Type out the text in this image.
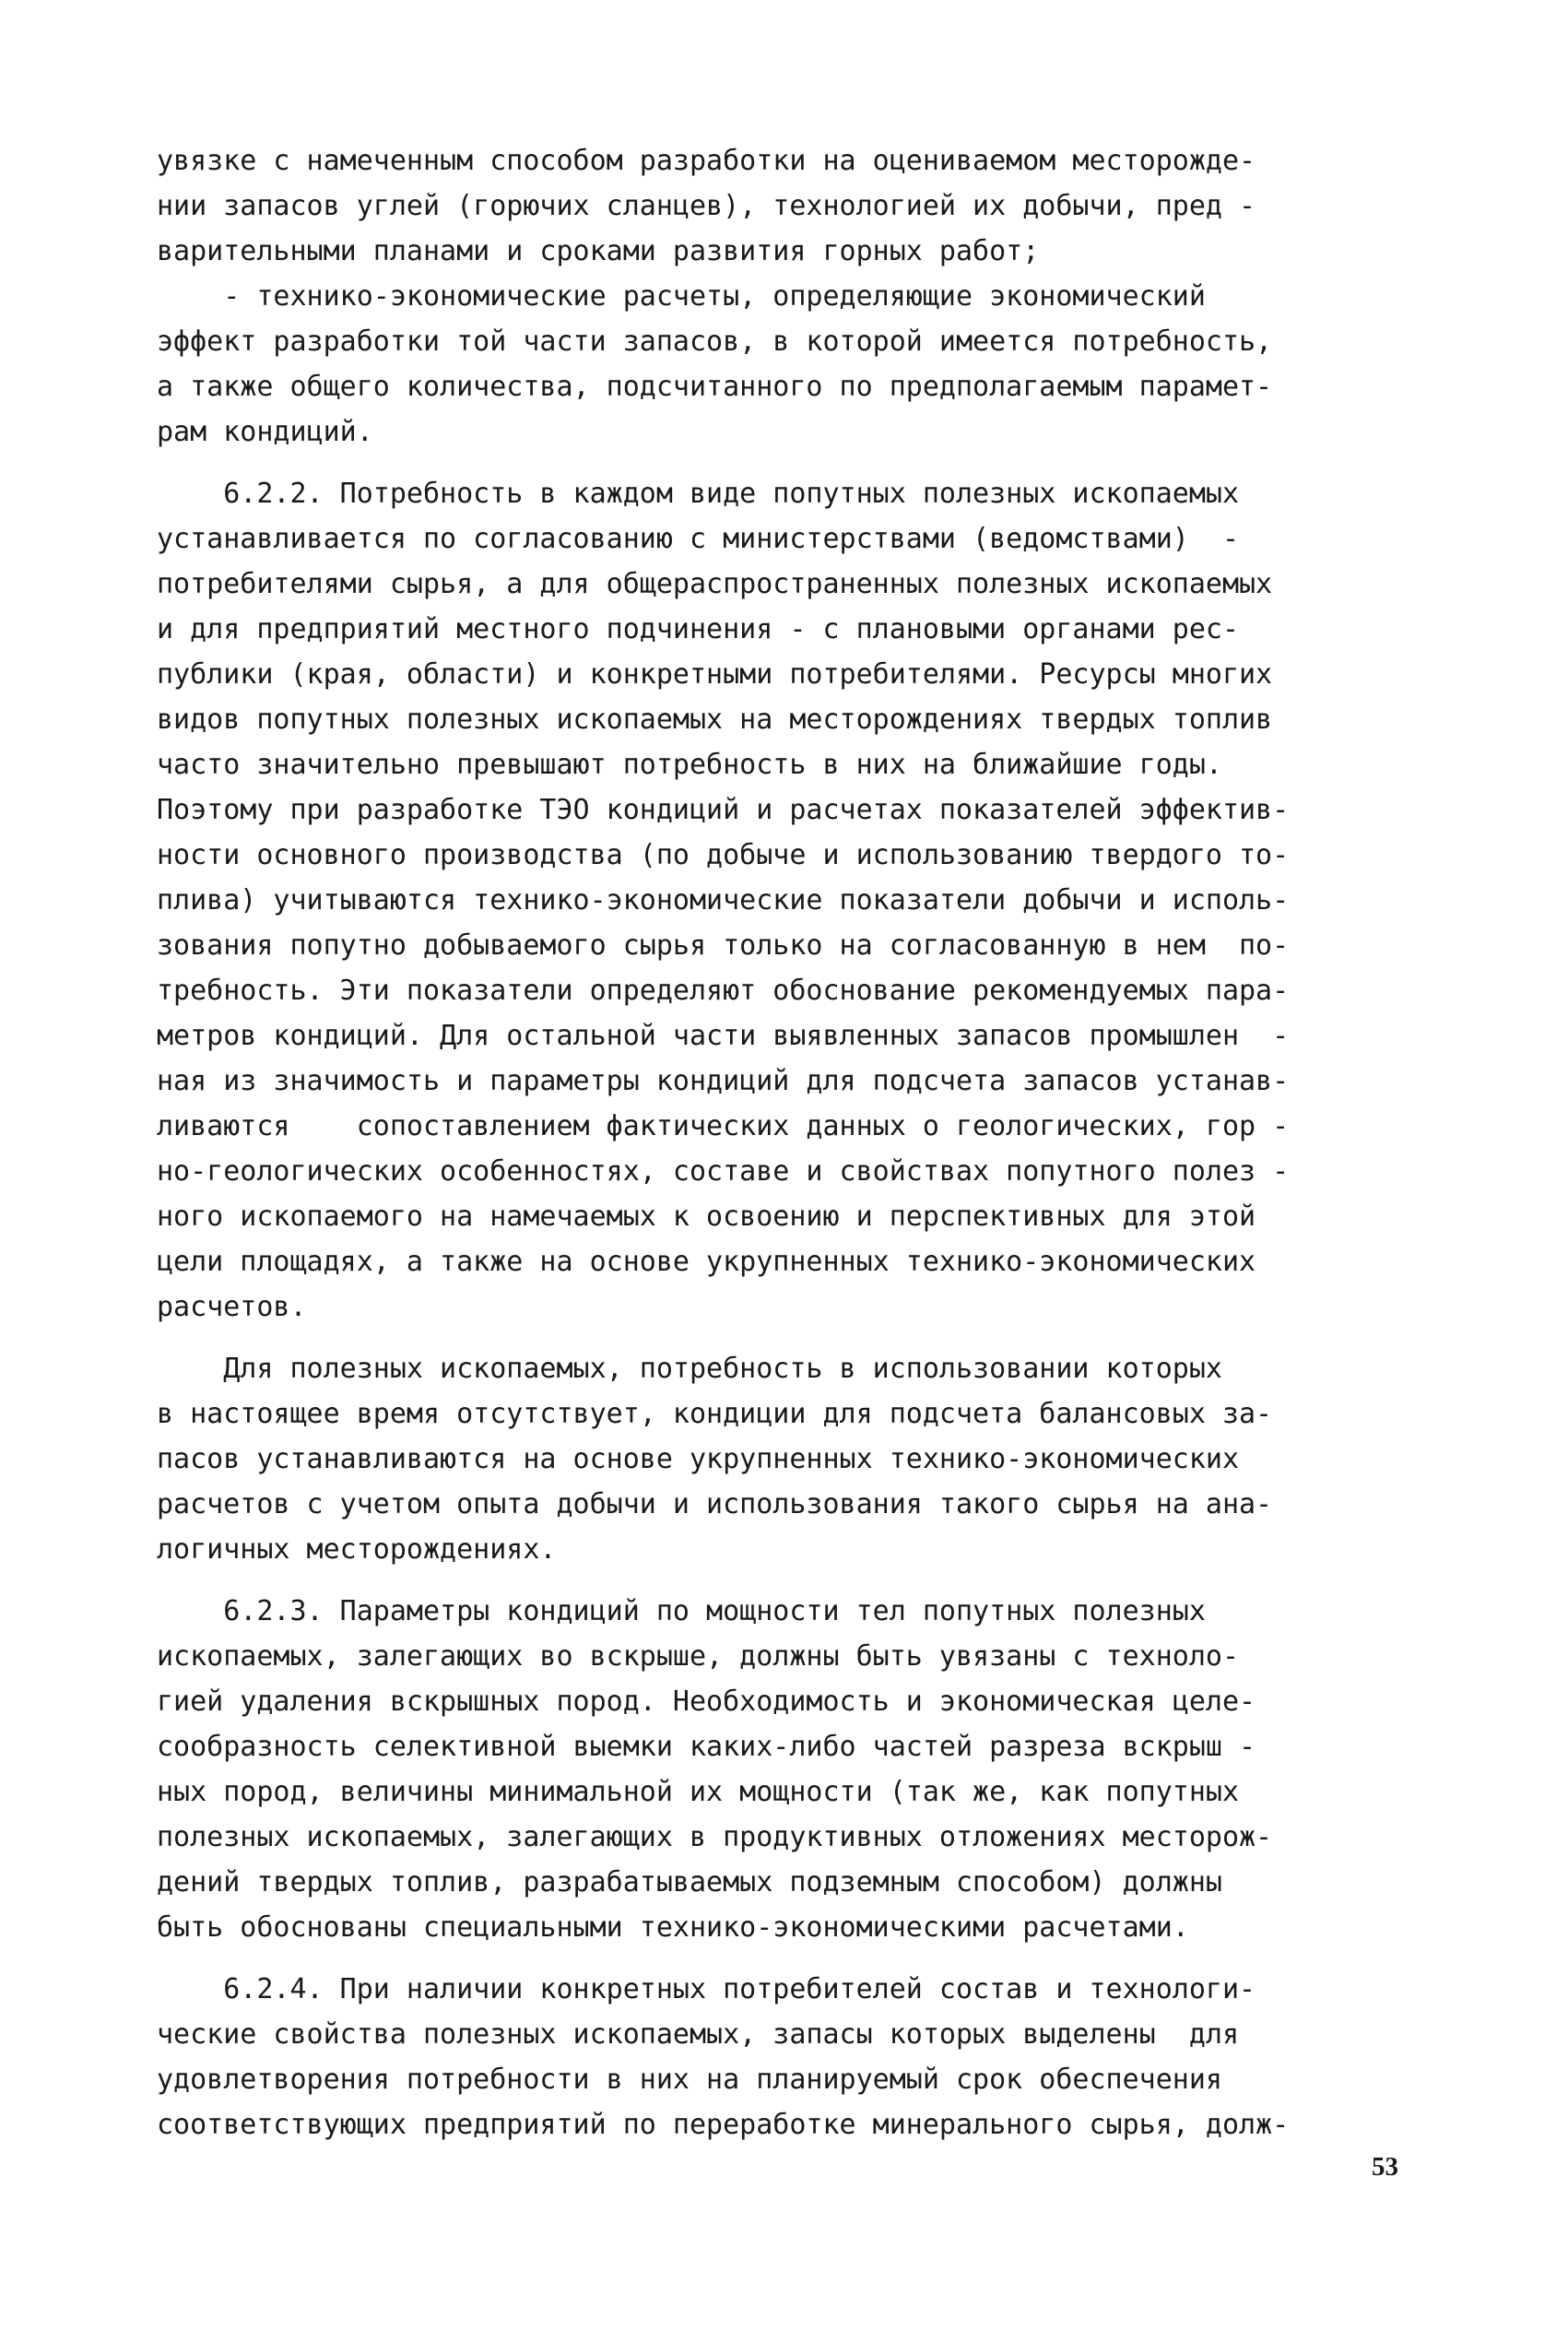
увязке с намеченным способом разработки на оцениваемом месторожде-
нии запасов углей (горючих сланцев), технологией их добычи, пред -
варительными планами и сроками развития горных работ;
- технико-экономические расчеты, определяющие экономический
эффект разработки той части запасов, в которой имеется потребность,
а также общего количества, подсчитанного по предполагаемым парамет-
рам кондиций.
6.2.2. Потребность в каждом виде попутных полезных ископаемых
устанавливается по согласованию с министерствами (ведомствами)  -
потребителями сырья, а для общераспространенных полезных ископаемых
и для предприятий местного подчинения - с плановыми органами рес-
публики (края, области) и конкретными потребителями. Ресурсы многих
видов попутных полезных ископаемых на месторождениях твердых топлив
часто значительно превышают потребность в них на ближайшие годы.
Поэтому при разработке ТЭО кондиций и расчетах показателей эффектив-
ности основного производства (по добыче и использованию твердого то-
плива) учитываются технико-экономические показатели добычи и исполь-
зования попутно добываемого сырья только на согласованную в нем  по-
требность. Эти показатели определяют обоснование рекомендуемых пара-
метров кондиций. Для остальной части выявленных запасов промышлен  -
ная из значимость и параметры кондиций для подсчета запасов устанав-
ливаются    сопоставлением фактических данных о геологических, гор -
но-геологических особенностях, составе и свойствах попутного полез -
ного ископаемого на намечаемых к освоению и перспективных для этой
цели площадях, а также на основе укрупненных технико-экономических
расчетов.
Для полезных ископаемых, потребность в использовании которых
в настоящее время отсутствует, кондиции для подсчета балансовых за-
пасов устанавливаются на основе укрупненных технико-экономических
расчетов с учетом опыта добычи и использования такого сырья на ана-
логичных месторождениях.
6.2.3. Параметры кондиций по мощности тел попутных полезных
ископаемых, залегающих во вскрыше, должны быть увязаны с техноло-
гией удаления вскрышных пород. Необходимость и экономическая целе-
сообразность селективной выемки каких-либо частей разреза вскрыш -
ных пород, величины минимальной их мощности (так же, как попутных
полезных ископаемых, залегающих в продуктивных отложениях месторож-
дений твердых топлив, разрабатываемых подземным способом) должны
быть обоснованы специальными технико-экономическими расчетами.
6.2.4. При наличии конкретных потребителей состав и технологи-
ческие свойства полезных ископаемых, запасы которых выделены  для
удовлетворения потребности в них на планируемый срок обеспечения
соответствующих предприятий по переработке минерального сырья, долж-
53
